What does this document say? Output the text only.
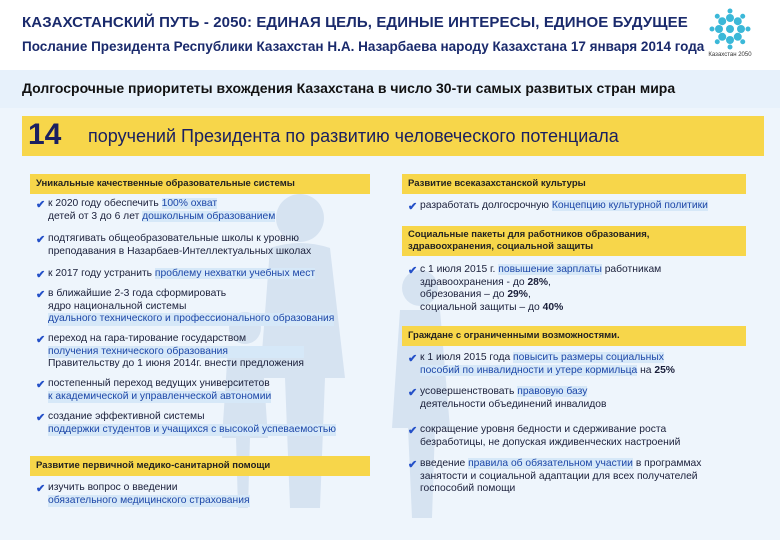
КАЗАХСТАНСКИЙ ПУТЬ - 2050: ЕДИНАЯ ЦЕЛЬ, ЕДИНЫЕ ИНТЕРЕСЫ, ЕДИНОЕ БУДУЩЕЕ
Послание Президента Республики Казахстан Н.А. Назарбаева народу Казахстана 17 января 2014 года
Казахстан 2050
Долгосрочные приоритеты вхождения Казахстана в число 30-ти самых развитых стран мира
14 поручений Президента по развитию человеческого потенциала
Уникальные качественные образовательные системы
✔ к 2020 году обеспечить 100% охват
детей от 3 до 6 лет дошкольным образованием
✔ подтягивать общеобразовательные школы к уровню
преподавания в Назарбаев-Интеллектуальных школах
✔ к 2017 году устранить проблему нехватки учебных мест
✔ в ближайшие 2-3 года сформировать
ядро национальной системы
дуального технического и профессионального образования
✔ переход на гара-тирование государством
получения технического образования
Правительству до 1 июня 2014г. внести предложения
✔ постепенный переход ведущих университетов
к академической и управленческой автономии
✔ создание эффективной системы
поддержки студентов и учащихся с высокой успеваемостью
Развитие первичной медико-санитарной помощи
✔ изучить вопрос о введении
обязательного медицинского страхования
Развитие всеказахстанской культуры
✔ разработать долгосрочную Концепцию культурной политики
Социальные пакеты для работников образования,
здравоохранения, социальной защиты
✔ с 1 июля 2015 г. повышение зарплаты работникам
здравоохранения - до 28%,
обрезования – до 29%,
социальной защиты – до 40%
Граждане с ограниченными возможностями.
✔ к 1 июля 2015 года повысить размеры социальных
пособий по инвалидности и утере кормильца на 25%
✔ усовершенствовать правовую базу
деятельности объединений инвалидов
✔ сокращение уровня бедности и сдерживание роста
безработицы, не допуская иждивенческих настроений
✔ введение правила об обязательном участии в программах
занятости и социальной адаптации для всех получателей
госпособий помощи
